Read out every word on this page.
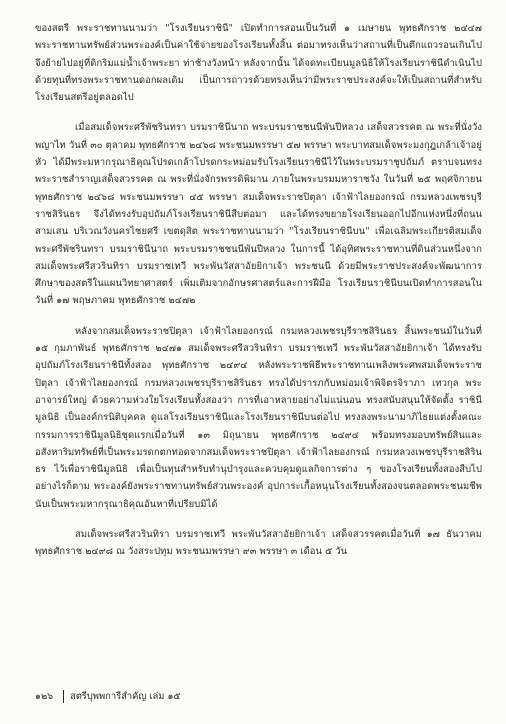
ของสตรี พระราชทานนามว่า "โรงเรียนราชินี" เปิดทำการสอนเป็นวันที่ ๑ เมษายน พุทธศักราช ๒๔๔๗ พระราชทานทรัพย์ส่วนพระองค์เป็นค่าใช้จ่ายของโรงเรียนทั้งสิ้น ต่อมาทรงเห็นว่าสถานที่เป็นตึกแถวรอนเกินไป จึงย้ายไปอยู่ที่ดิกริมแม่น้ำเจ้าพระยา ท่าช้างวังหน้า หลังจากนั้น ได้จดทะเบียนมูลนิธิให้โรงเรียนราชินีดำเนินไปด้วยทุนที่ทรงพระราชทานดอกผลเดิม เป็นการถาวรด้วยทรงเห็นว่ามีพระราชประสงค์จะให้เป็นสถานที่สำหรับโรงเรียนสตรีอยู่ตลอดไป

เมื่อสมเด็จพระศรีพัชรินทรา บรมราชินีนาถ พระบรมราชชนนีพันปีหลวง เสด็จสวรรคต ณ พระที่นั่งวังพญาไท วันที่ ๓๐ ตุลาคม พุทธศักราช ๒๔๖๘ พระชนมพรรษา ๕๗ พรรษา พระบาทสมเด็จพระมงกุฎเกล้าเจ้าอยู่หัว ได้มีพระมหากรุณาธิคุณโปรดเกล้าโปรดกระหม่อมรับโรงเรียนราชินีไว้ในพระบรมราชูปถัมภ์ ตราบจนทรงพระราชสำราญเสด็จสวรรคต ณ พระที่นั่งจักรพรรดิพิมาน ภายในพระบรมมหาราชวัง ในวันที่ ๒๕ พฤศจิกายน พุทธศักราช ๒๔๖๘ พระชนมพรรษา ๔๕ พรรษา สมเด็จพระราชปิตุลา เจ้าฟ้าไลยองกรณ์ กรมหลวงเพชรบุรีราชสิรินธร จึงได้ทรงรับอุปถัมภ์โรงเรียนราชินีสืบต่อมา และได้ทรงขยายโรงเรียนออกไปอีกแห่งหนึ่งที่ถนนสามเสน บริเวณวังนครไชยศรี เขตดุสิต พระราชทานนามว่า "โรงเรียนราชินีบน" เพื่อเฉลิมพระเกียรติสมเด็จพระศรีพัชรินทรา บรมราชินีนาถ พระบรมราชชนนีพันปีหลวง ในการนี้ ได้อุทิศพระราชทานที่ดินส่วนหนึ่งจากสมเด็จพระศรีสวรินทิรา บรมราชเทวี พระพันวัสสาอัยยิกาเจ้า พระชนนี ด้วยมีพระราชประสงค์จะพัฒนาการศึกษาของสตรีในแผนวิทยาศาสตร์ เพิ่มเติมจากอักษรศาสตร์และการฝีมือ โรงเรียนราชินีบนเปิดทำการสอนในวันที่ ๑๗ พฤษภาคม พุทธศักราช ๒๔๗๒

หลังจากสมเด็จพระราชปิตุลา เจ้าฟ้าไลยองกรณ์ กรมหลวงเพชรบุรีราชสิรินธร สิ้นพระชนม์ในวันที่ ๑๕ กุมภาพันธ์ พุทธศักราช ๒๔๗๑ สมเด็จพระศรีสวรินทิรา บรมราชเทวี พระพันวัสสาอัยยิกาเจ้า ได้ทรงรับอุปถัมภ์โรงเรียนราชินีทั้งสอง พุทธศักราช ๒๔๙๔ หลังพระราชพิธีพระราชทานเพลิงพระศพสมเด็จพระราชปิตุลา เจ้าฟ้าไลยองกรณ์ กรมหลวงเพชรบุรีราชสิรินธร ทรงได้ปรารภกับหม่อมเจ้าพิจิตรจิราภา เทวกุล พระอาจารย์ใหญ่ ด้วยความห่วงใยโรงเรียนทั้งสองว่า การที่เอาหลายอย่างไม่แน่นอน ทรงสนับสนุนให้จัดตั้ง ราชินีมูลนิธิ เป็นองค์กรนิติบุคคล ดูแลโรงเรียนราชินีและโรงเรียนราชินีบนต่อไป ทรงลงพระนามาภิไธยแต่งตั้งคณะกรรมการราชินีมูลนิธิชุดแรกเมื่อวันที่ ๑๓ มิถุนายน พุทธศักราช ๒๔๙๔ พร้อมทรงมอบทรัพย์สินและอสังหาริมทรัพย์ที่เป็นพระมรดกตกทอดจากสมเด็จพระราชปิตุลา เจ้าฟ้าไลยองกรณ์ กรมหลวงเพชรบุรีราชสิรินธร ไว้เพื่อราชินีมูลนิธิ เพื่อเป็นทุนสำหรับทำนุบำรุงและควบคุมดูแลกิจการต่าง ๆ ของโรงเรียนทั้งสองสืบไป อย่างไรก็ตาม พระองค์ยังพระราชทานทรัพย์ส่วนพระองค์ อุปการะเกื้อหนุนโรงเรียนทั้งสองจนตลอดพระชนมชีพ นับเป็นพระมหากรุณาธิคุณอันหาที่เปรียบมิได้

สมเด็จพระศรีสวรินทิรา บรมราชเทวี พระพันวัสสาอัยยิกาเจ้า เสด็จสวรรคตเมื่อวันที่ ๑๗ ธันวาคม พุทธศักราช ๒๔๙๘ ณ วังสระปทุม พระชนมพรรษา ๙๓ พรรษา ๓ เดือน ๕ วัน

๑๒๖	สตรีบุพพการีสำคัญ เล่ม ๑๕
